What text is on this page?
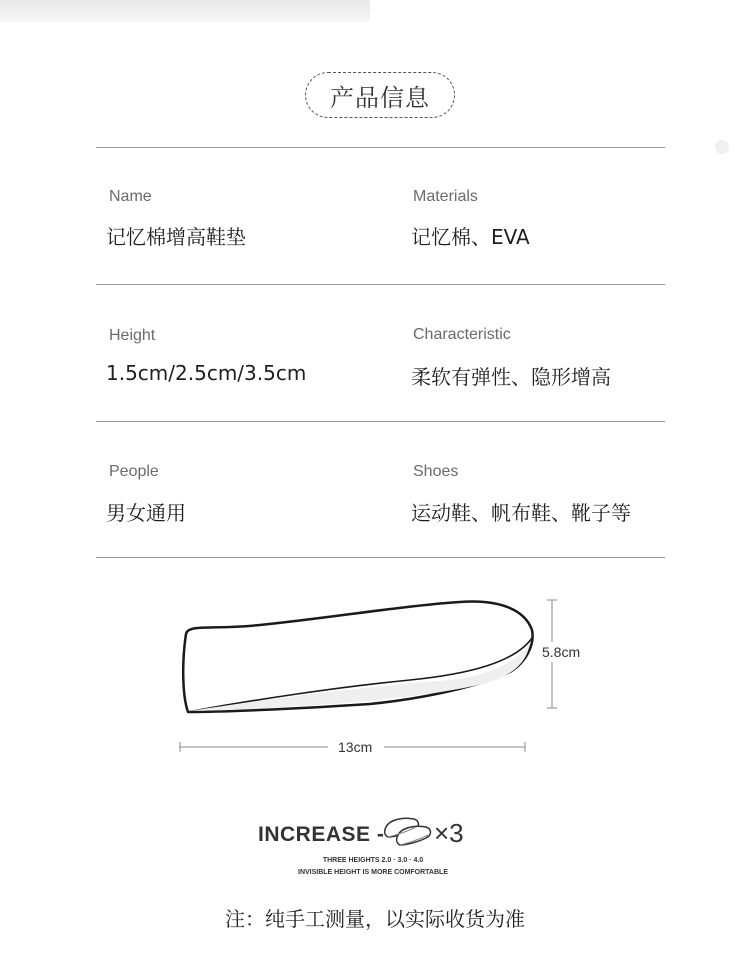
产品信息
Name
记忆棉增高鞋垫
Materials
记忆棉、EVA
Height
1.5cm/2.5cm/3.5cm
Characteristic
柔软有弹性、隐形增高
People
男女通用
Shoes
运动鞋、帆布鞋、靴子等
5.8cm
13cm
INCREASE - ×3
THREE HEIGHTS 2.0 · 3.0 · 4.0
INVISIBLE HEIGHT IS MORE COMFORTABLE
注：纯手工测量，以实际收货为准
